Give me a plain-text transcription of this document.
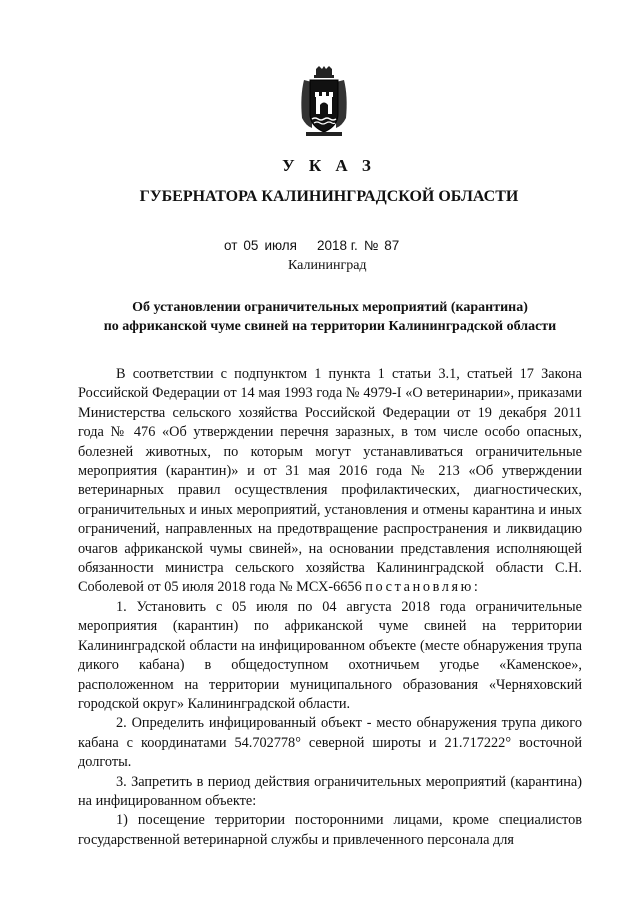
У К А З
ГУБЕРНАТОРА КАЛИНИНГРАДСКОЙ ОБЛАСТИ
от 05 июля 2018 г. № 87
Калининград
Об установлении ограничительных мероприятий (карантина)
по африканской чуме свиней на территории Калининградской области

В соответствии с подпунктом 1 пункта 1 статьи 3.1, статьей 17 Закона Российской Федерации от 14 мая 1993 года № 4979-I «О ветеринарии», приказами Министерства сельского хозяйства Российской Федерации от 19 декабря 2011 года № 476 «Об утверждении перечня заразных, в том числе особо опасных, болезней животных, по которым могут устанавливаться ограничительные мероприятия (карантин)» и от 31 мая 2016 года № 213 «Об утверждении ветеринарных правил осуществления профилактических, диагностических, ограничительных и иных мероприятий, установления и отмены карантина и иных ограничений, направленных на предотвращение распространения и ликвидацию очагов африканской чумы свиней», на основании представления исполняющей обязанности министра сельского хозяйства Калининградской области С.Н. Соболевой от 05 июля 2018 года № МСХ-6656 постановляю:

1. Установить с 05 июля по 04 августа 2018 года ограничительные мероприятия (карантин) по африканской чуме свиней на территории Калининградской области на инфицированном объекте (месте обнаружения трупа дикого кабана) в общедоступном охотничьем угодье «Каменское», расположенном на территории муниципального образования «Черняховский городской округ» Калининградской области.

2. Определить инфицированный объект - место обнаружения трупа дикого кабана с координатами 54.702778° северной широты и 21.717222° восточной долготы.

3. Запретить в период действия ограничительных мероприятий (карантина) на инфицированном объекте:

1) посещение территории посторонними лицами, кроме специалистов государственной ветеринарной службы и привлеченного персонала для
